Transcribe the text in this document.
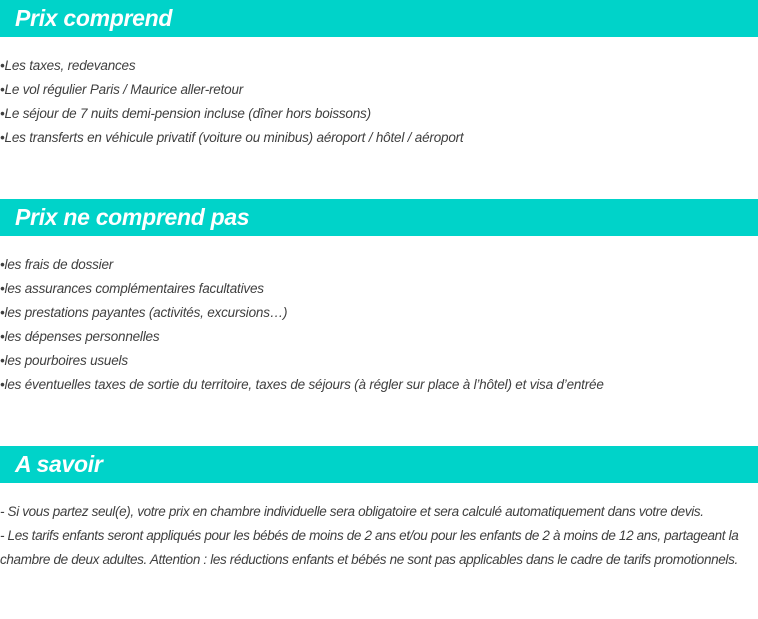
Prix comprend
• Les taxes, redevances
• Le vol régulier Paris / Maurice aller-retour
• Le séjour de 7 nuits demi-pension incluse (dîner hors boissons)
• Les transferts en véhicule privatif (voiture ou minibus) aéroport / hôtel / aéroport
Prix ne comprend pas
• les frais de dossier
• les assurances complémentaires facultatives
• les prestations payantes (activités, excursions…)
• les dépenses personnelles
• les pourboires usuels
• les éventuelles taxes de sortie du territoire, taxes de séjours (à régler sur place à l’hôtel) et visa d’entrée
A savoir

- Si vous partez seul(e), votre prix en chambre individuelle sera obligatoire et sera calculé automatiquement dans votre devis.

- Les tarifs enfants seront appliqués pour les bébés de moins de 2 ans et/ou pour les enfants de 2 à moins de 12 ans, partageant la chambre de deux adultes. Attention : les réductions enfants et bébés ne sont pas applicables dans le cadre de tarifs promotionnels.
